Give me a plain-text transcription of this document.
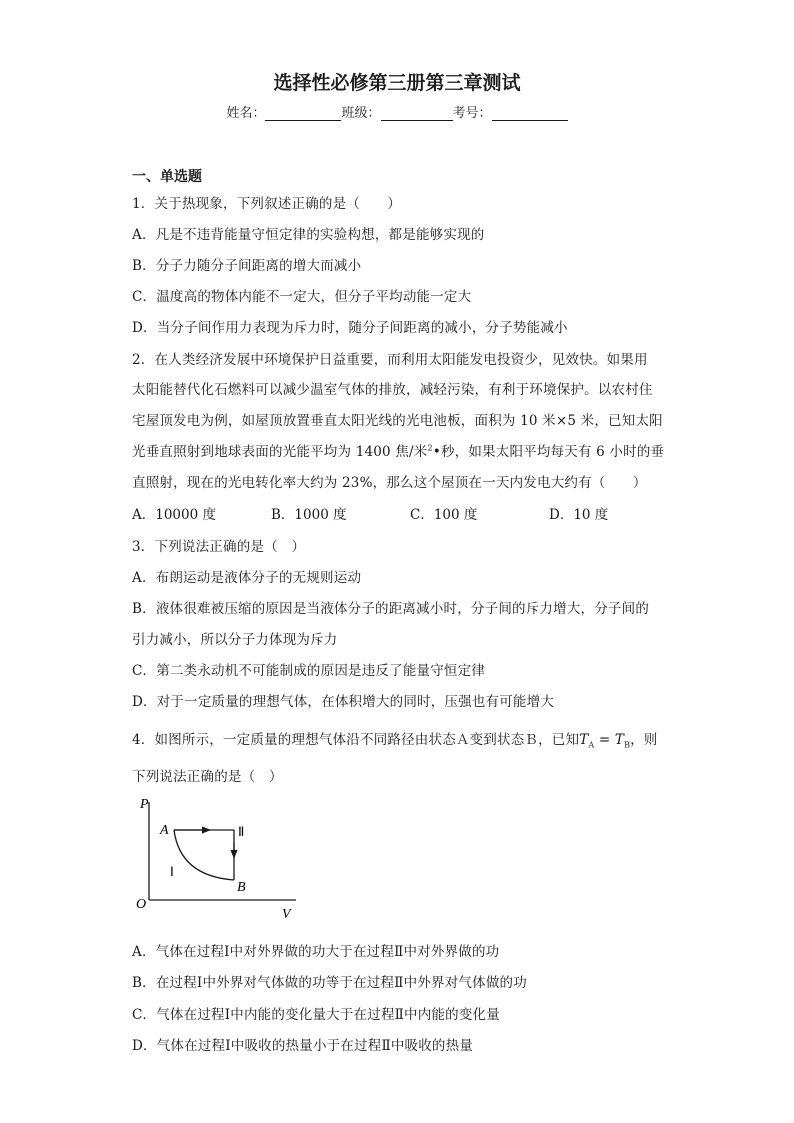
选择性必修第三册第三章测试
姓名：	班级：	考号：
一、单选题
1．关于热现象，下列叙述正确的是（　　）
A．凡是不违背能量守恒定律的实验构想，都是能够实现的
B．分子力随分子间距离的增大而减小
C．温度高的物体内能不一定大，但分子平均动能一定大
D．当分子间作用力表现为斥力时，随分子间距离的减小，分子势能减小
2．在人类经济发展中环境保护日益重要，而利用太阳能发电投资少，见效快。如果用
太阳能替代化石燃料可以减少温室气体的排放，减轻污染，有利于环境保护。以农村住
宅屋顶发电为例，如屋顶放置垂直太阳光线的光电池板，面积为 10 米×5 米，已知太阳
光垂直照射到地球表面的光能平均为 1400 焦/米$^2$•秒，如果太阳平均每天有 6 小时的垂
直照射，现在的光电转化率大约为 23%，那么这个屋顶在一天内发电大约有（　　）
A．10000 度	B．1000 度	C．100 度	D．10 度
3．下列说法正确的是（　）
A．布朗运动是液体分子的无规则运动
B．液体很难被压缩的原因是当液体分子的距离减小时，分子间的斥力增大，分子间的
引力减小，所以分子力体现为斥力
C．第二类永动机不可能制成的原因是违反了能量守恒定律
D．对于一定质量的理想气体，在体积增大的同时，压强也有可能增大
4．如图所示，一定质量的理想气体沿不同路径由状态Ａ变到状态Ｂ，已知$T_A = T_B$，则
下列说法正确的是（　）
P
V
O
A
B
Ⅰ
Ⅱ
A．气体在过程Ⅰ中对外界做的功大于在过程Ⅱ中对外界做的功
B．在过程Ⅰ中外界对气体做的功等于在过程Ⅱ中外界对气体做的功
C．气体在过程Ⅰ中内能的变化量大于在过程Ⅱ中内能的变化量
D．气体在过程Ⅰ中吸收的热量小于在过程Ⅱ中吸收的热量
